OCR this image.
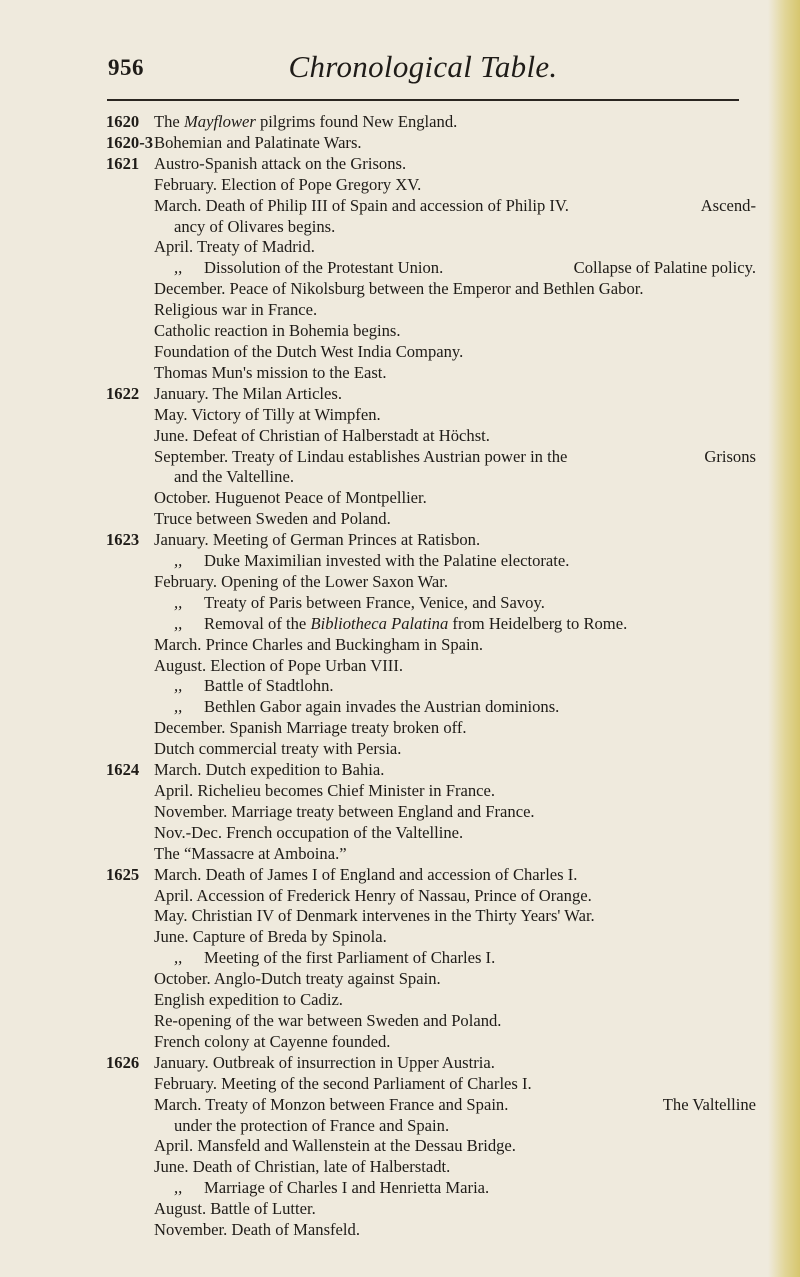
956	Chronological Table.
1620 The Mayflower pilgrims found New England.
1620-3 Bohemian and Palatinate Wars.
1621 Austro-Spanish attack on the Grisons.
February. Election of Pope Gregory XV.
March. Death of Philip III of Spain and accession of Philip IV.	Ascend-
ancy of Olivares begins.
April. Treaty of Madrid.
,, Dissolution of the Protestant Union.	Collapse of Palatine policy.
December. Peace of Nikolsburg between the Emperor and Bethlen Gabor.
Religious war in France.
Catholic reaction in Bohemia begins.
Foundation of the Dutch West India Company.
Thomas Mun's mission to the East.
1622 January. The Milan Articles.
May. Victory of Tilly at Wimpfen.
June. Defeat of Christian of Halberstadt at Höchst.
September. Treaty of Lindau establishes Austrian power in the	Grisons
and the Valtelline.
October. Huguenot Peace of Montpellier.
Truce between Sweden and Poland.
1623 January. Meeting of German Princes at Ratisbon.
,, Duke Maximilian invested with the Palatine electorate.
February. Opening of the Lower Saxon War.
,, Treaty of Paris between France, Venice, and Savoy.
,, Removal of the Bibliotheca Palatina from Heidelberg to Rome.
March. Prince Charles and Buckingham in Spain.
August. Election of Pope Urban VIII.
,, Battle of Stadtlohn.
,, Bethlen Gabor again invades the Austrian dominions.
December. Spanish Marriage treaty broken off.
Dutch commercial treaty with Persia.
1624 March. Dutch expedition to Bahia.
April. Richelieu becomes Chief Minister in France.
November. Marriage treaty between England and France.
Nov.-Dec. French occupation of the Valtelline.
The “Massacre at Amboina.”
1625 March. Death of James I of England and accession of Charles I.
April. Accession of Frederick Henry of Nassau, Prince of Orange.
May. Christian IV of Denmark intervenes in the Thirty Years' War.
June. Capture of Breda by Spinola.
,, Meeting of the first Parliament of Charles I.
October. Anglo-Dutch treaty against Spain.
English expedition to Cadiz.
Re-opening of the war between Sweden and Poland.
French colony at Cayenne founded.
1626 January. Outbreak of insurrection in Upper Austria.
February. Meeting of the second Parliament of Charles I.
March. Treaty of Monzon between France and Spain.	The Valtelline
under the protection of France and Spain.
April. Mansfeld and Wallenstein at the Dessau Bridge.
June. Death of Christian, late of Halberstadt.
,, Marriage of Charles I and Henrietta Maria.
August. Battle of Lutter.
November. Death of Mansfeld.
